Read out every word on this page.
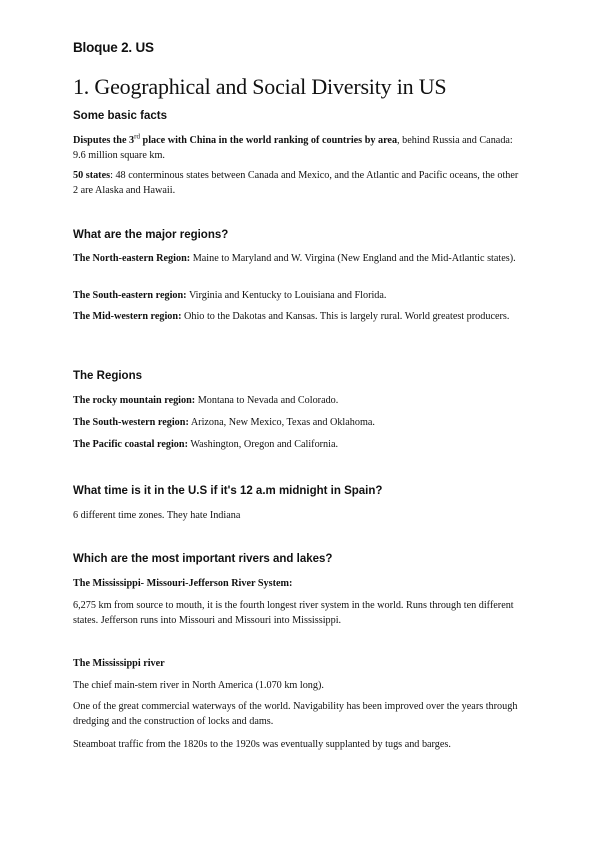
Bloque 2. US
1. Geographical and Social Diversity in US
Some basic facts
Disputes the 3rd place with China in the world ranking of countries by area, behind Russia and Canada: 9.6 million square km.
50 states: 48 conterminous states between Canada and Mexico, and the Atlantic and Pacific oceans, the other 2 are Alaska and Hawaii.
What are the major regions?
The North-eastern Region: Maine to Maryland and W. Virgina (New England and the Mid-Atlantic states).
The South-eastern region: Virginia and Kentucky to Louisiana and Florida.
The Mid-western region: Ohio to the Dakotas and Kansas. This is largely rural. World greatest producers.
The Regions
The rocky mountain region: Montana to Nevada and Colorado.
The South-western region: Arizona, New Mexico, Texas and Oklahoma.
The Pacific coastal region: Washington, Oregon and California.
What time is it in the U.S if it's 12 a.m midnight in Spain?
6 different time zones. They hate Indiana
Which are the most important rivers and lakes?
The Mississippi- Missouri-Jefferson River System:
6,275 km from source to mouth, it is the fourth longest river system in the world. Runs through ten different states. Jefferson runs into Missouri and Missouri into Mississippi.
The Mississippi river
The chief main-stem river in North America (1.070 km long).
One of the great commercial waterways of the world. Navigability has been improved over the years through dredging and the construction of locks and dams.
Steamboat traffic from the 1820s to the 1920s was eventually supplanted by tugs and barges.
